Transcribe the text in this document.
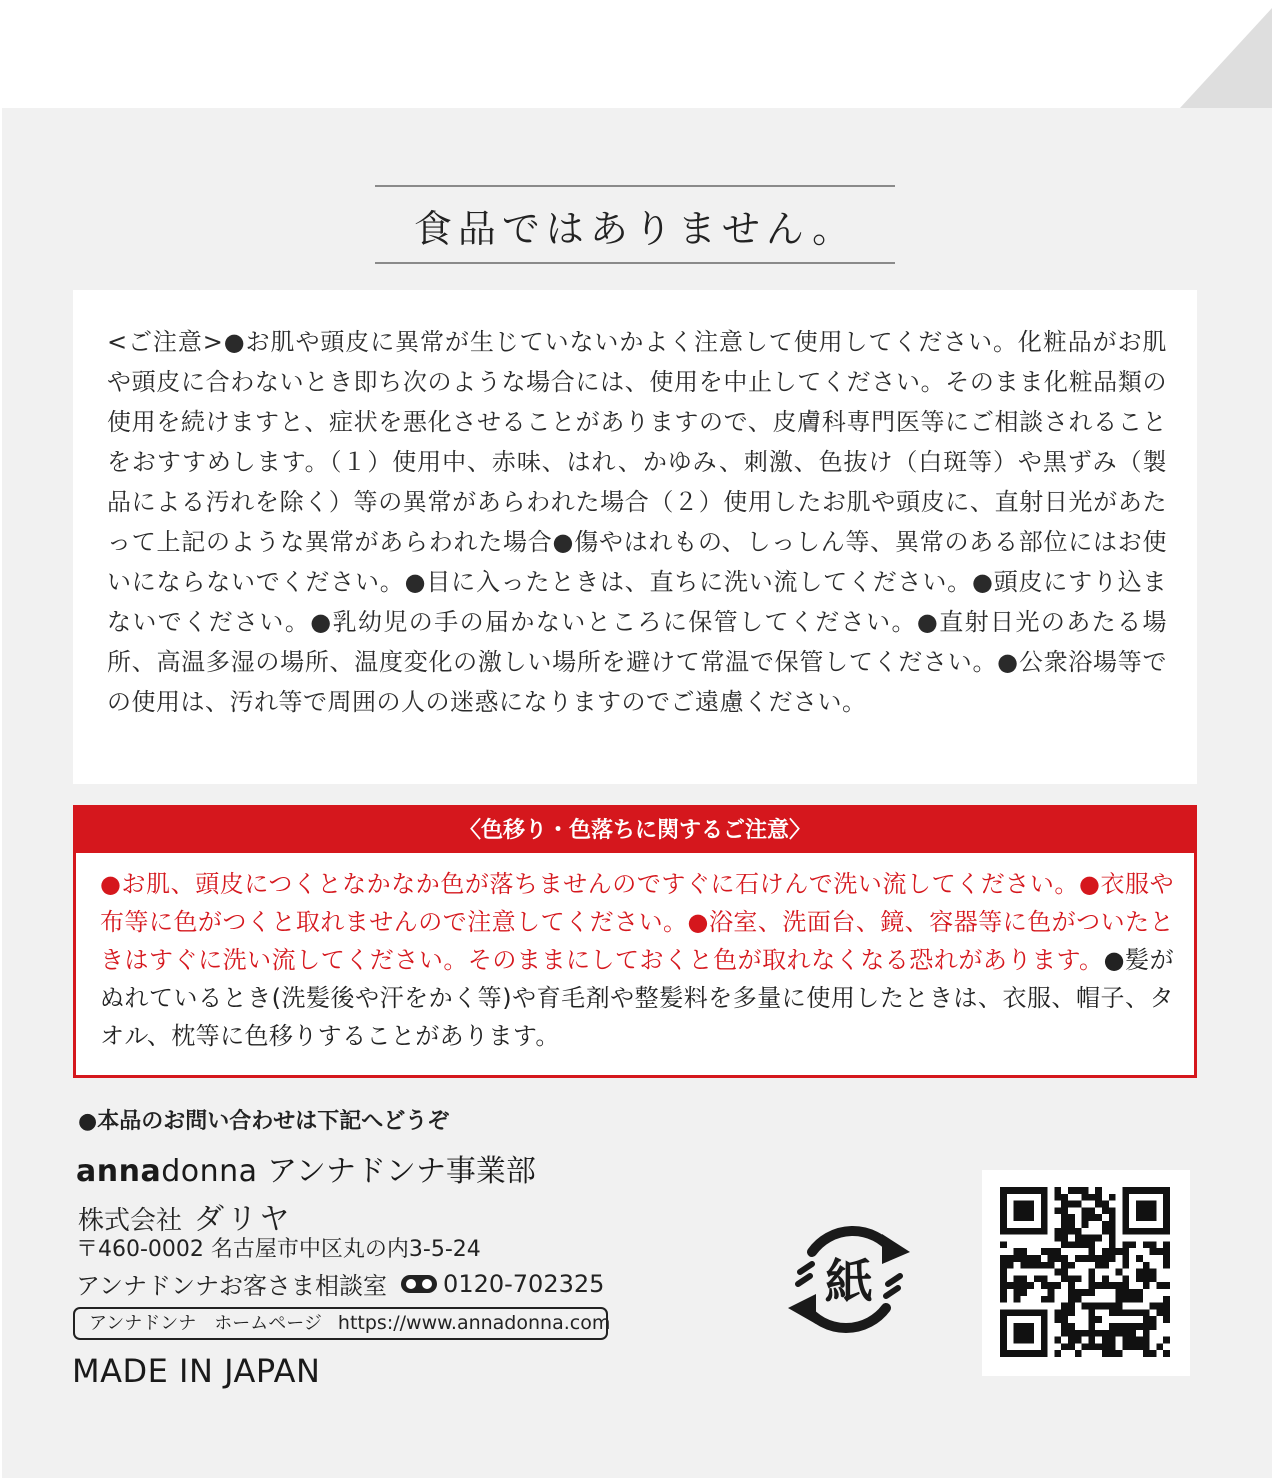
食品ではありません。

<ご注意>●お肌や頭皮に異常が生じていないかよく注意して使用してください。化粧品がお肌や頭皮に合わないとき即ち次のような場合には、使用を中止してください。そのまま化粧品類の使用を続けますと、症状を悪化させることがありますので、皮膚科専門医等にご相談されることをおすすめします。（１）使用中、赤味、はれ、かゆみ、刺激、色抜け（白斑等）や黒ずみ（製品による汚れを除く）等の異常があらわれた場合（２）使用したお肌や頭皮に、直射日光があたって上記のような異常があらわれた場合●傷やはれもの、しっしん等、異常のある部位にはお使いにならないでください。●目に入ったときは、直ちに洗い流してください。●頭皮にすり込まないでください。●乳幼児の手の届かないところに保管してください。●直射日光のあたる場所、高温多湿の場所、温度変化の激しい場所を避けて常温で保管してください。●公衆浴場等での使用は、汚れ等で周囲の人の迷惑になりますのでご遠慮ください。

〈色移り・色落ちに関するご注意〉

●お肌、頭皮につくとなかなか色が落ちませんのですぐに石けんで洗い流してください。●衣服や布等に色がつくと取れませんので注意してください。●浴室、洗面台、鏡、容器等に色がついたときはすぐに洗い流してください。そのままにしておくと色が取れなくなる恐れがあります。●髪がぬれているとき(洗髪後や汗をかく等)や育毛剤や整髪料を多量に使用したときは、衣服、帽子、タオル、枕等に色移りすることがあります。

●本品のお問い合わせは下記へどうぞ
annadonna アンナドンナ事業部
株式会社 ダリヤ
〒460-0002 名古屋市中区丸の内3-5-24
アンナドンナお客さま相談室 0120-702325
アンナドンナ　ホームページ https://www.annadonna.com
MADE IN JAPAN
紙
